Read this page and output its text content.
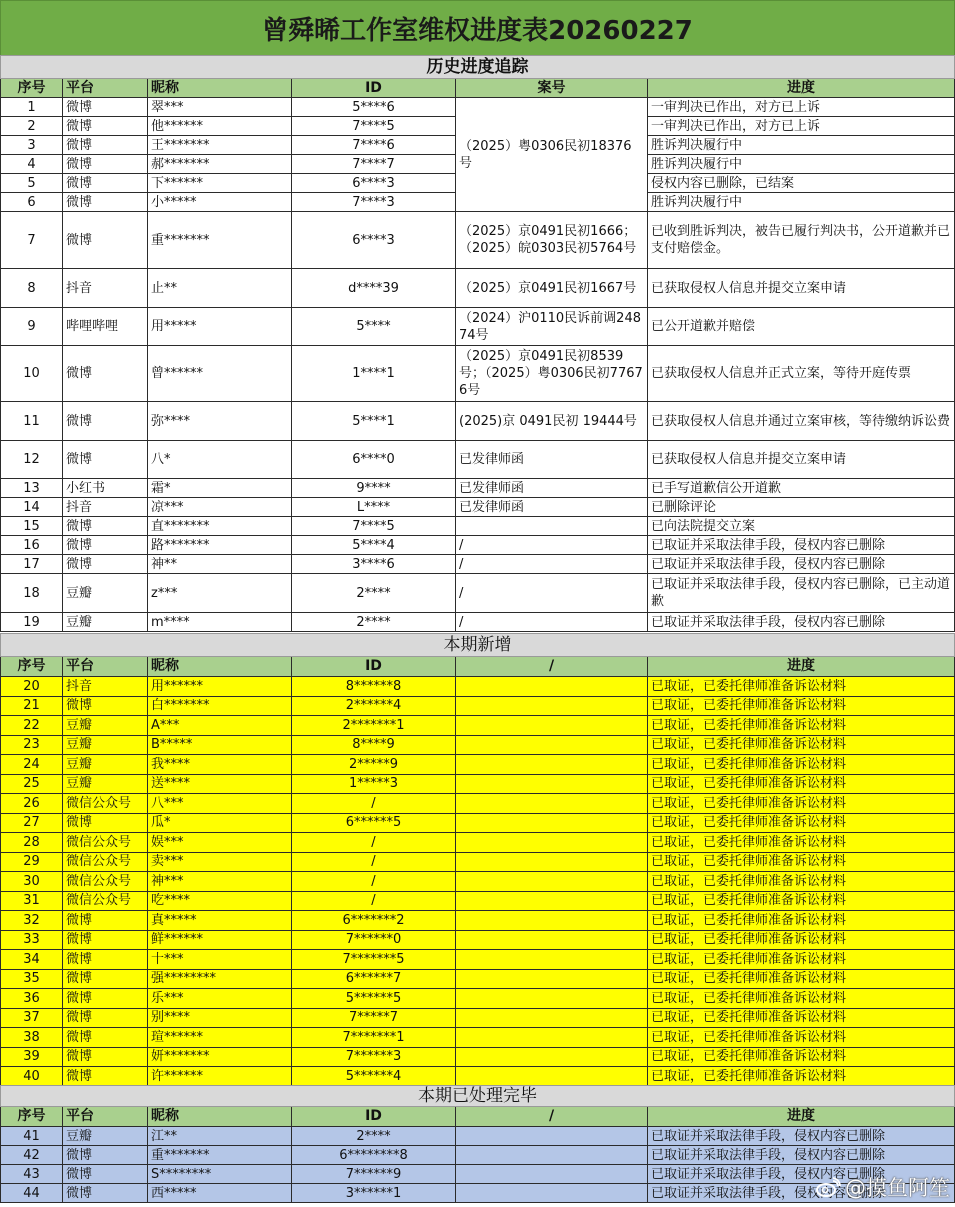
曾舜晞工作室维权进度表20260227
历史进度追踪					
序号	平台	昵称	ID	案号	进度
1	微博	翠***	5****6	（2025）粤0306民初18376号	一审判决已作出，对方已上诉
2	微博	他******	7****5		一审判决已作出，对方已上诉
3	微博	王*******	7****6		胜诉判决履行中
4	微博	郝*******	7****7		胜诉判决履行中
5	微博	下******	6****3		侵权内容已删除，已结案
6	微博	小*****	7****3		胜诉判决履行中
7	微博	重*******	6****3	（2025）京0491民初1666；（2025）皖0303民初5764号	已收到胜诉判决，被告已履行判决书，公开道歉并已支付赔偿金。
8	抖音	止**	d****39	（2025）京0491民初1667号	已获取侵权人信息并提交立案申请
9	哔哩哔哩	用*****	5****	（2024）沪0110民诉前调24874号	已公开道歉并赔偿
10	微博	曾******	1****1	（2025）京0491民初8539号；（2025）粤0306民初77676号	已获取侵权人信息并正式立案，等待开庭传票
11	微博	弥****	5****1	(2025)京 0491民初 19444号	已获取侵权人信息并通过立案审核，等待缴纳诉讼费
12	微博	八*	6****0	已发律师函	已获取侵权人信息并提交立案申请
13	小红书	霜*	9****	已发律师函	已手写道歉信公开道歉
14	抖音	凉***	L****	已发律师函	已删除评论
15	微博	直*******	7****5		已向法院提交立案
16	微博	路*******	5****4	/	已取证并采取法律手段，侵权内容已删除
17	微博	神**	3****6	/	已取证并采取法律手段，侵权内容已删除
18	豆瓣	z***	2****	/	已取证并采取法律手段，侵权内容已删除，已主动道歉
19	豆瓣	m****	2****	/	已取证并采取法律手段，侵权内容已删除
本期新增					
序号	平台	昵称	ID	/	进度
20	抖音	用******	8******8		已取证，已委托律师准备诉讼材料
21	微博	白*******	2******4		已取证，已委托律师准备诉讼材料
22	豆瓣	A***	2*******1		已取证，已委托律师准备诉讼材料
23	豆瓣	B*****	8****9		已取证，已委托律师准备诉讼材料
24	豆瓣	我****	2*****9		已取证，已委托律师准备诉讼材料
25	豆瓣	送****	1*****3		已取证，已委托律师准备诉讼材料
26	微信公众号	八***	/		已取证，已委托律师准备诉讼材料
27	微博	瓜*	6******5		已取证，已委托律师准备诉讼材料
28	微信公众号	娱***	/		已取证，已委托律师准备诉讼材料
29	微信公众号	卖***	/		已取证，已委托律师准备诉讼材料
30	微信公众号	神***	/		已取证，已委托律师准备诉讼材料
31	微信公众号	吃****	/		已取证，已委托律师准备诉讼材料
32	微博	真*****	6*******2		已取证，已委托律师准备诉讼材料
33	微博	鲜******	7******0		已取证，已委托律师准备诉讼材料
34	微博	十***	7*******5		已取证，已委托律师准备诉讼材料
35	微博	强********	6******7		已取证，已委托律师准备诉讼材料
36	微博	乐***	5******5		已取证，已委托律师准备诉讼材料
37	微博	别****	7*****7		已取证，已委托律师准备诉讼材料
38	微博	瑄******	7*******1		已取证，已委托律师准备诉讼材料
39	微博	妍*******	7******3		已取证，已委托律师准备诉讼材料
40	微博	许******	5******4		已取证，已委托律师准备诉讼材料
本期已处理完毕					
序号	平台	昵称	ID	/	进度
41	豆瓣	江**	2****		已取证并采取法律手段，侵权内容已删除
42	微博	重*******	6********8		已取证并采取法律手段，侵权内容已删除
43	微博	S********	7******9		已取证并采取法律手段，侵权内容已删除
44	微博	西*****	3******1		已取证并采取法律手段，侵权内容已删除
@摸鱼阿笙
